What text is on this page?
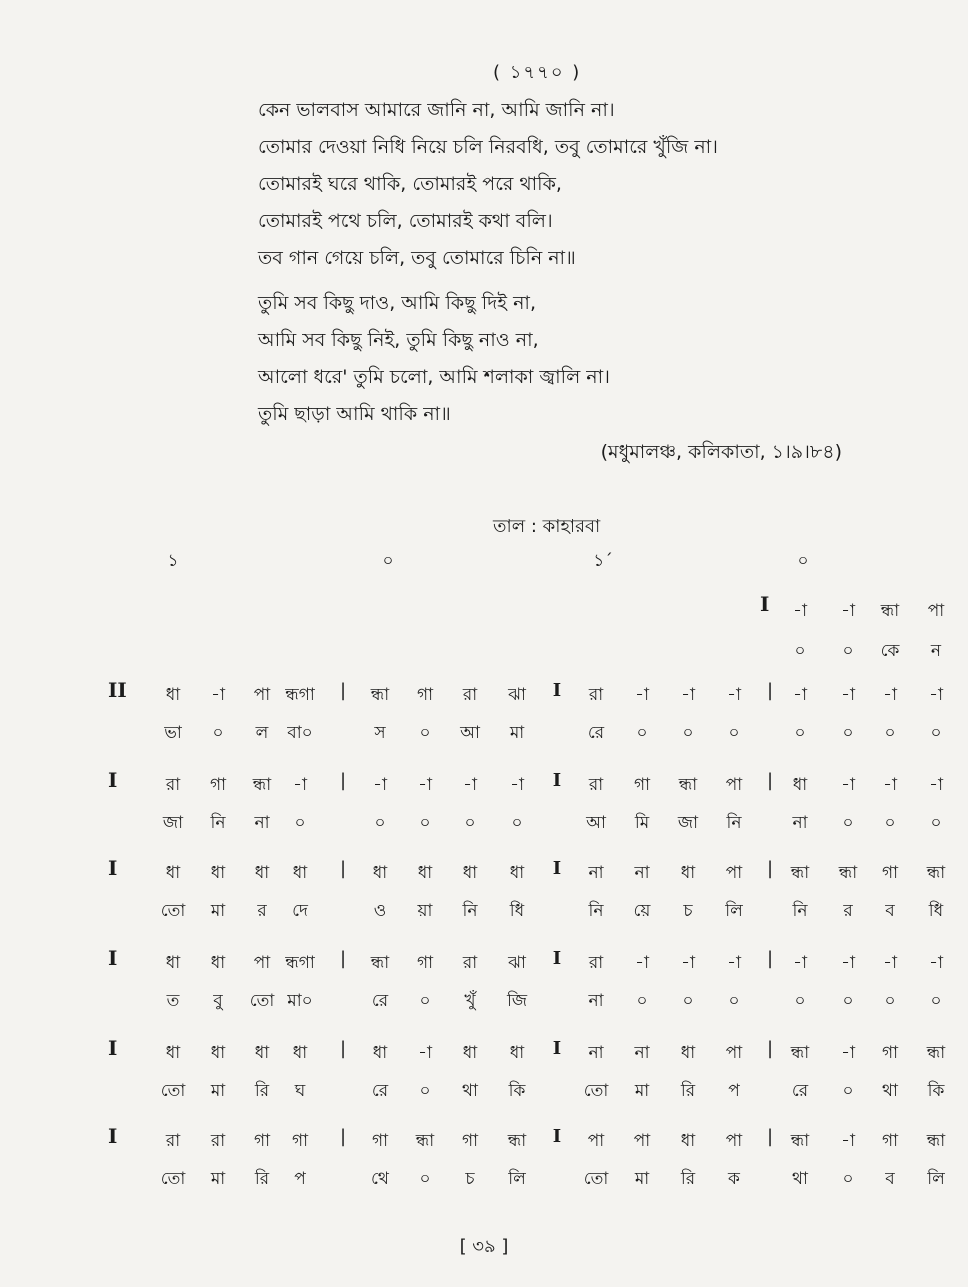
( ১৭৭০ )
কেন ভালবাস আমারে জানি না, আমি জানি না।
তোমার দেওয়া নিধি নিয়ে চলি নিরবধি, তবু তোমারে খুঁজি না।
তোমারই ঘরে থাকি, তোমারই পরে থাকি,
তোমারই পথে চলি, তোমারই কথা বলি।
তব গান গেয়ে চলি, তবু তোমারে চিনি না॥
তুমি সব কিছু দাও, আমি কিছু দিই না,
আমি সব কিছু নিই, তুমি কিছু নাও না,
আলো ধরে' তুমি চলো, আমি শলাকা জ্বালি না।
তুমি ছাড়া আমি থাকি না॥
(মধুমালঞ্চ, কলিকাতা, ১।৯।৮৪)
তাল : কাহারবা
১	০	১´	০
I -া -া ন্ধা পা
০ ০ কে ন
II ধা -া পা ন্ধগা	ন্ধা গা রা ঝা	রা -া -া -া	-া -া -া -া
ভা ০ ল বা০	স ০ আ মা	রে ০ ০ ০	০ ০ ০ ০
|	I	|
I	রা গা ন্ধা -া	-া -া -া -া	রা গা ন্ধা পা	ধা -া -া -া
জা নি না ০	০ ০ ০ ০	আ মি জা নি	না ০ ০ ০
|	I	|
I	ধা ধা ধা ধা	ধা ধা ধা ধা	না না ধা পা	ন্ধা ন্ধা গা ন্ধা
তো মা র দে	ও য়া নি ধি	নি য়ে চ লি	নি র ব ধি
|	I	|
I	ধা ধা পা ন্ধগা	ন্ধা গা রা ঝা	রা -া -া -া	-া -া -া -া
ত বু তো মা০	রে ০ খুঁ জি	না ০ ০ ০	০ ০ ০ ০
|	I	|
I	ধা ধা ধা ধা	ধা -া ধা ধা	না না ধা পা	ন্ধা -া গা ন্ধা
তো মা রি ঘ	রে ০ থা কি	তো মা রি প	রে ০ থা কি
|	I	|
I	রা রা গা গা	গা ন্ধা গা ন্ধা	পা পা ধা পা	ন্ধা -া গা ন্ধা
তো মা রি প	থে ০ চ লি	তো মা রি ক	থা ০ ব লি
|	I	|
[ ৩৯ ]
